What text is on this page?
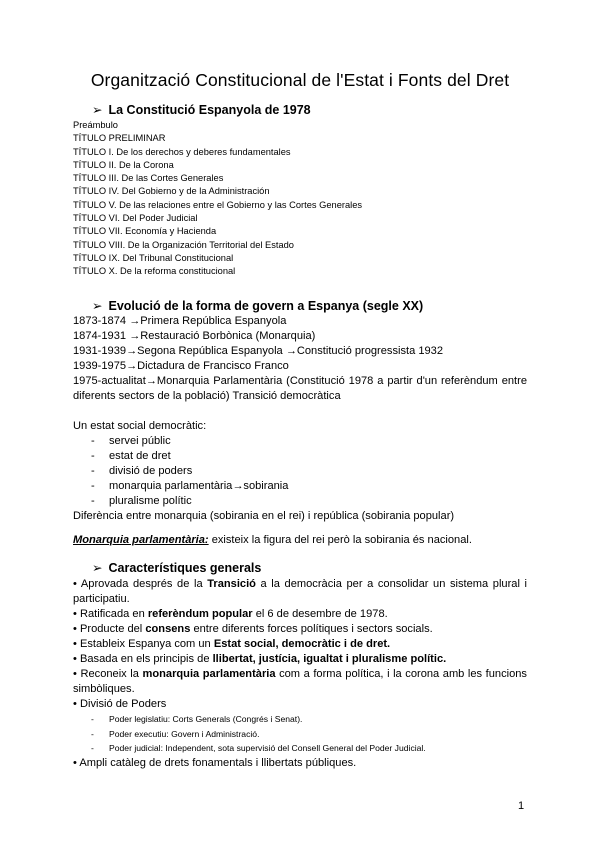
Organització Constitucional de l'Estat i Fonts del Dret
➢ La Constitució Espanyola de 1978
Preámbulo
TÍTULO PRELIMINAR
TÍTULO I. De los derechos y deberes fundamentales
TÍTULO II. De la Corona
TÍTULO III. De las Cortes Generales
TÍTULO IV. Del Gobierno y de la Administración
TÍTULO V. De las relaciones entre el Gobierno y las Cortes Generales
TÍTULO VI. Del Poder Judicial
TÍTULO VII. Economía y Hacienda
TÍTULO VIII. De la Organización Territorial del Estado
TÍTULO IX. Del Tribunal Constitucional
TÍTULO X. De la reforma constitucional
➢ Evolució de la forma de govern a Espanya (segle XX)
1873-1874 →Primera República Espanyola
1874-1931 →Restauració Borbònica (Monarquia)
1931-1939→Segona República Espanyola →Constitució progressista 1932
1939-1975→Dictadura de Francisco Franco
1975-actualitat→Monarquia Parlamentària (Constitució 1978 a partir d'un referèndum entre diferents sectors de la població) Transició democràtica
Un estat social democràtic:
- servei públic
- estat de dret
- divisió de poders
- monarquia parlamentària→sobirania
- pluralisme polític
Diferència entre monarquia (sobirania en el rei) i república (sobirania popular)
Monarquia parlamentària: existeix la figura del rei però la sobirania és nacional.
➢ Característiques generals
• Aprovada després de la Transició a la democràcia per a consolidar un sistema plural i participatiu.
• Ratificada en referèndum popular el 6 de desembre de 1978.
• Producte del consens entre diferents forces polítiques i sectors socials.
• Estableix Espanya com un Estat social, democràtic i de dret.
• Basada en els principis de llibertat, justícia, igualtat i pluralisme polític.
• Reconeix la monarquia parlamentària com a forma política, i la corona amb les funcions simbòliques.
• Divisió de Poders
- Poder legislatiu: Corts Generals (Congrés i Senat).
- Poder executiu: Govern i Administració.
- Poder judicial: Independent, sota supervisió del Consell General del Poder Judicial.
• Ampli catàleg de drets fonamentals i llibertats públiques.
1
